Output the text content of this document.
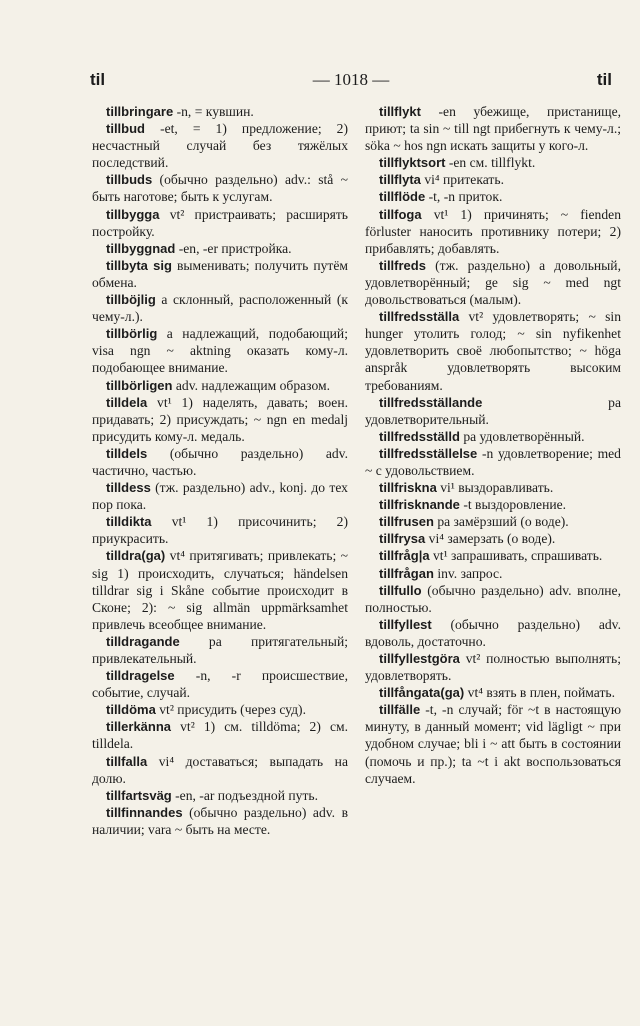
til	— 1018 —	til

tillbringare -n, = кувшин.

tillbud -et, = 1) предложение; 2) несчастный случай без тяжёлых последствий.

tillbuds (обычно раздельно) adv.: stå ~ быть наготове; быть к услугам.

tillbygga vt² пристраивать; расширять постройку.

tillbyggnad -en, -er пристройка.

tillbyta sig выменивать; получить путём обмена.

tillböjlig a склонный, расположенный (к чему-л.).

tillbörlig a надлежащий, подобающий; visa ngn ~ aktning оказать кому-л. подобающее внимание.

tillbörligen adv. надлежащим образом.

tilldela vt¹ 1) наделять, давать; воен. придавать; 2) присуждать; ~ ngn en medalj присудить кому-л. медаль.

tilldels (обычно раздельно) adv. частично, частью.

tilldess (тж. раздельно) adv., konj. до тех пор пока.

tilldikta vt¹ 1) присочинить; 2) приукрасить.

tilldra(ga) vt⁴ притягивать; привлекать; ~ sig 1) происходить, случаться; händelsen tilldrar sig i Skåne событие происходит в Сконе; 2): ~ sig allmän uppmärksamhet привлечь всеобщее внимание.

tilldragande pa притягательный; привлекательный.

tilldragelse -n, -r происшествие, событие, случай.

tilldöma vt² присудить (через суд).

tillerkänna vt² 1) см. tilldöma; 2) см. tilldela.

tillfalla vi⁴ доставаться; выпадать на долю.

tillfartsväg -en, -ar подъездной путь.

tillfinnandes (обычно раздельно) adv. в наличии; vara ~ быть на месте.

tillflykt -en убежище, пристанище, приют; ta sin ~ till ngt прибегнуть к чему-л.; söka ~ hos ngn искать защиты у кого-л.

tillflyktsort -en см. tillflykt.

tillflyta vi⁴ притекать.

tillflöde -t, -n приток.

tillfoga vt¹ 1) причинять; ~ fienden förluster наносить противнику потери; 2) прибавлять; добавлять.

tillfreds (тж. раздельно) a довольный, удовлетворённый; ge sig ~ med ngt довольствоваться (малым).

tillfredsställa vt² удовлетворять; ~ sin hunger утолить голод; ~ sin nyfikenhet удовлетворить своё любопытство; ~ höga anspråk удовлетворять высоким требованиям.

tillfredsställande	pa удовлетворительный.

tillfredsställd pa удовлетворённый.

tillfredsställelse -n удовлетворение; med ~ с удовольствием.

tillfriskna vi¹ выздоравливать.

tillfrisknande -t выздоровление.

tillfrusen pa замёрзший (о воде).

tillfrysa vi⁴ замерзать (о воде).

tillfråg|a vt¹ запрашивать, спрашивать.

tillfrågan inv. запрос.

tillfullo (обычно раздельно) adv. вполне, полностью.

tillfyllest (обычно раздельно) adv. вдоволь, достаточно.

tillfyllestgöra vt² полностью выполнять; удовлетворять.

tillfångata(ga) vt⁴ взять в плен, поймать.

tillfälle -t, -n случай; för ~t в настоящую минуту, в данный момент; vid lägligt ~ при удобном случае; bli i ~ att быть в состоянии (помочь и пр.); ta ~t i akt воспользоваться случаем.
